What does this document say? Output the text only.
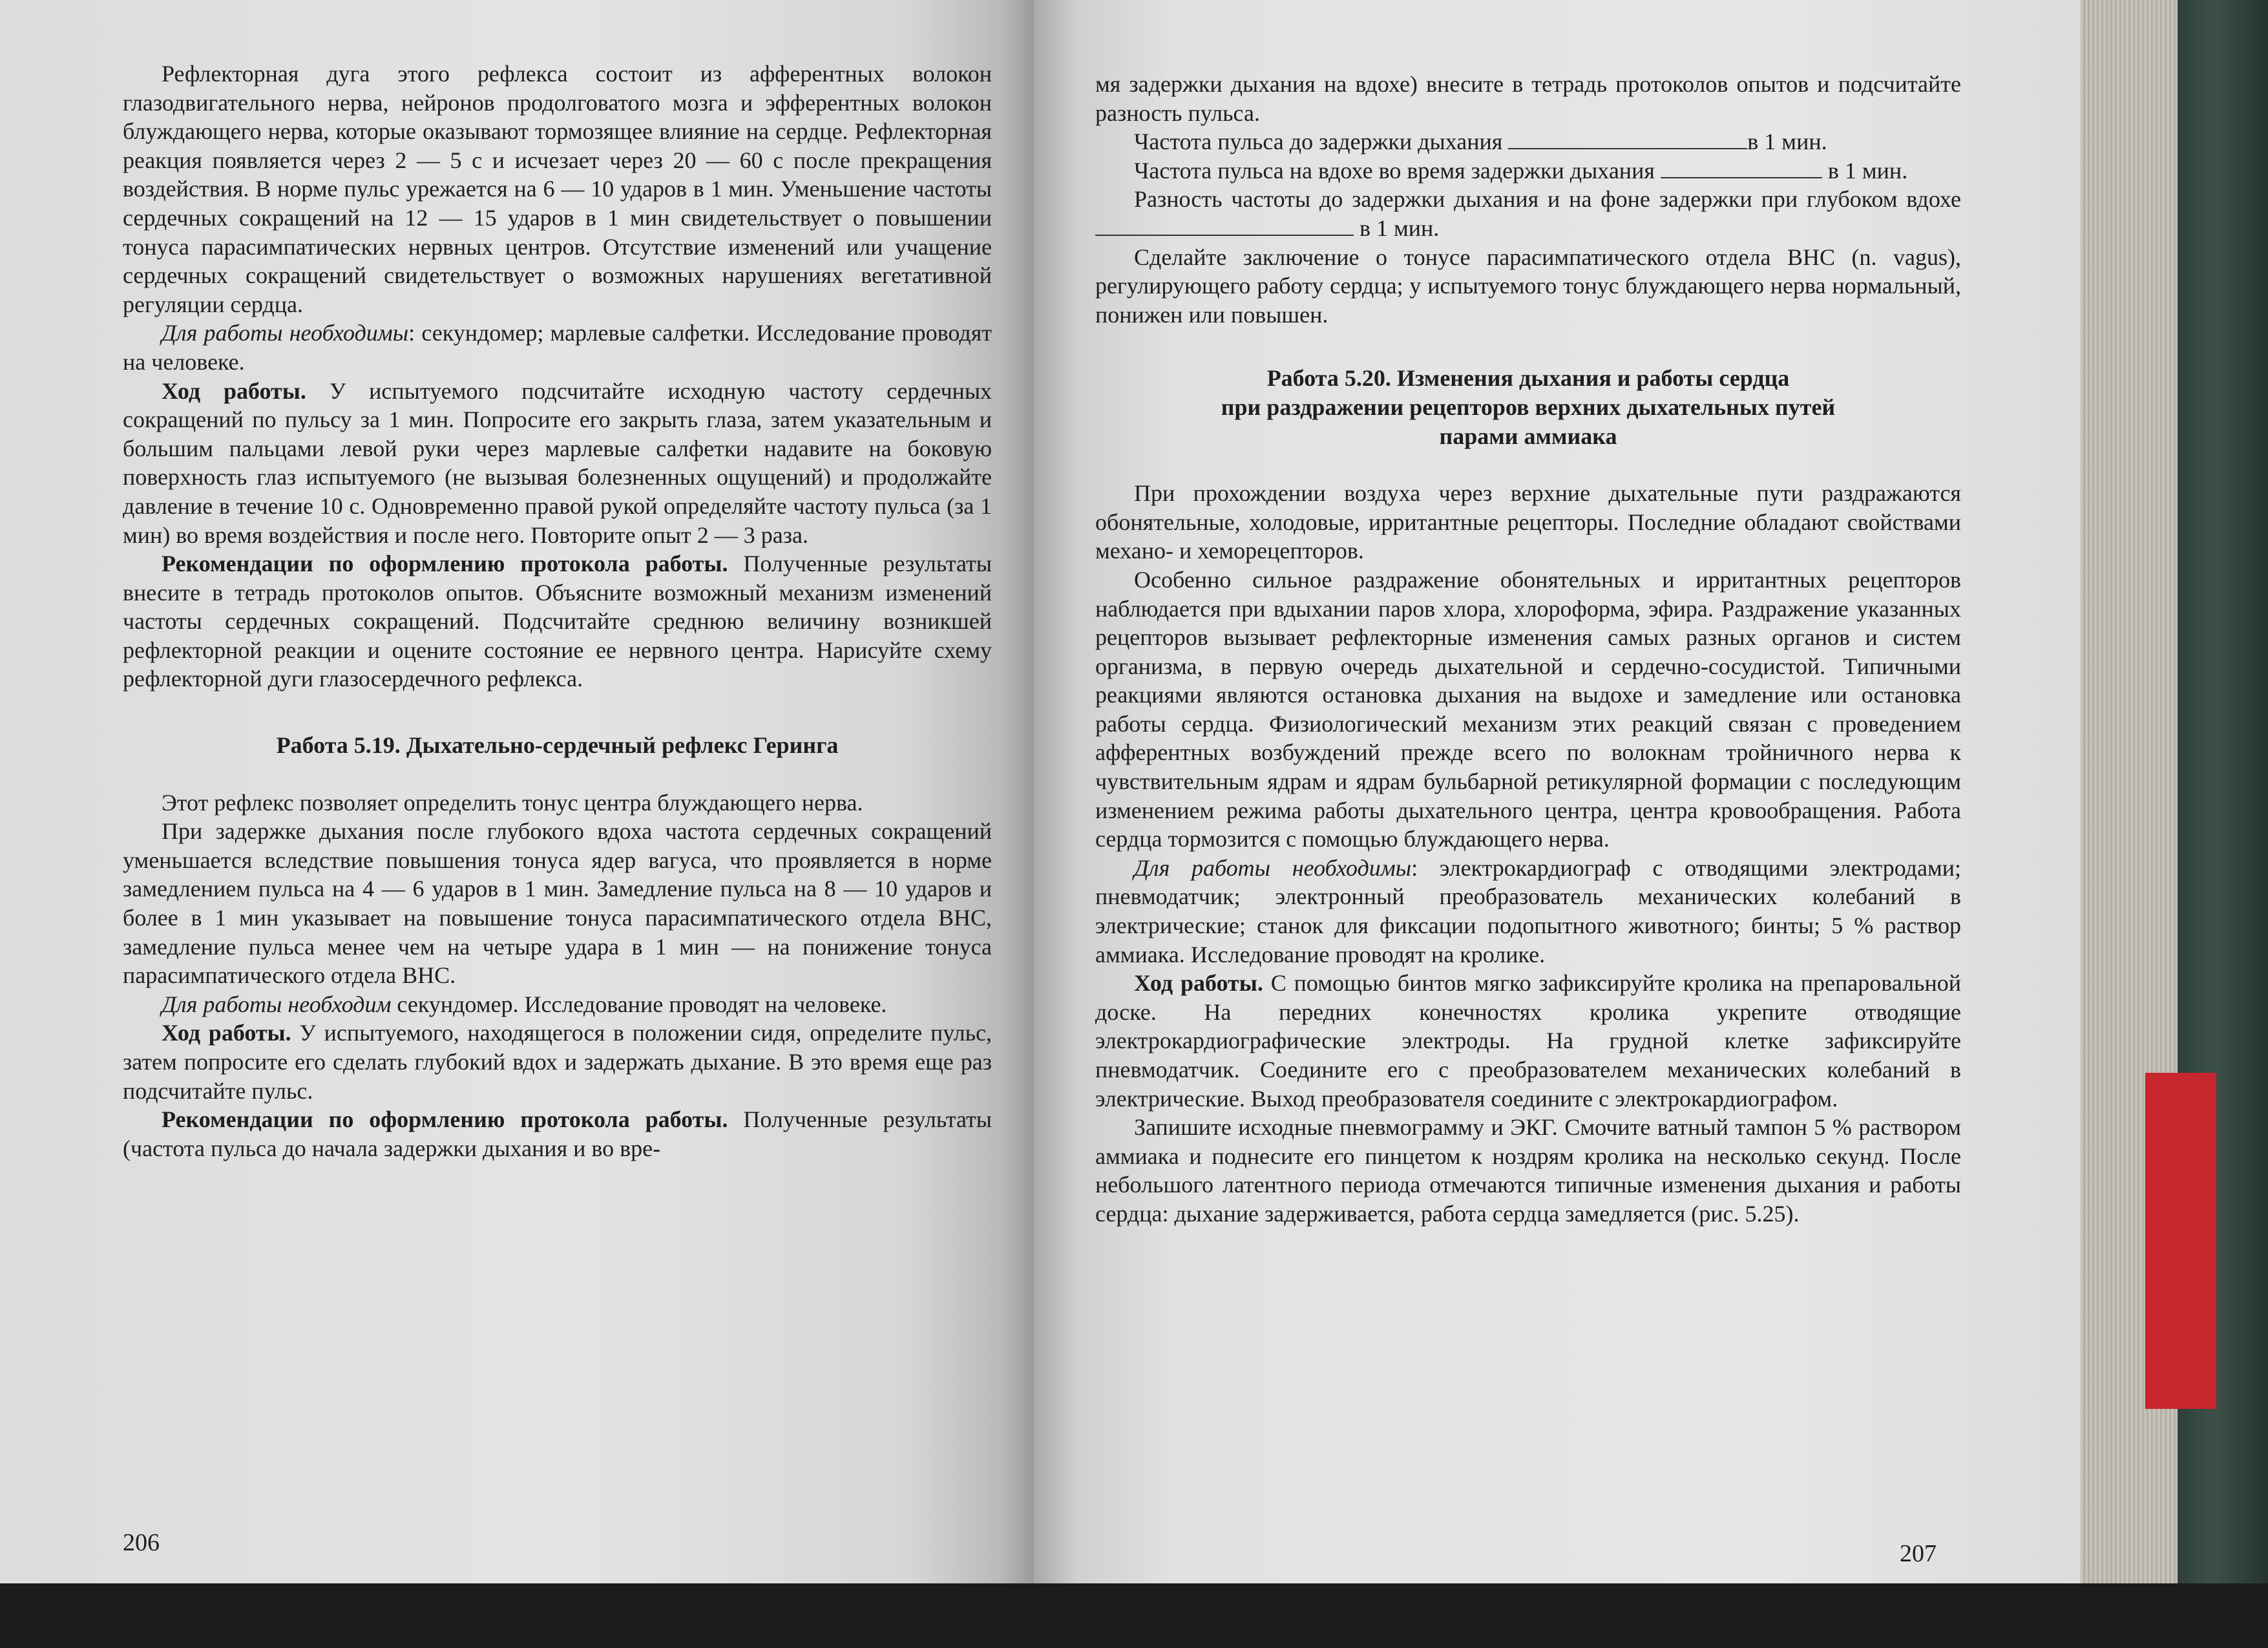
Рефлекторная дуга этого рефлекса состоит из афферентных волокон глазодвигательного нерва, нейронов продолговатого мозга и эфферентных волокон блуждающего нерва, которые оказывают тормозящее влияние на сердце. Рефлекторная реакция появляется через 2 — 5 с и исчезает через 20 — 60 с после прекращения воздействия. В норме пульс урежается на 6 — 10 ударов в 1 мин. Уменьшение частоты сердечных сокращений на 12 — 15 ударов в 1 мин свидетельствует о повышении тонуса парасимпатических нервных центров. Отсутствие изменений или учащение сердечных сокращений свидетельствует о возможных нарушениях вегетативной регуляции сердца.

Для работы необходимы: секундомер; марлевые салфетки. Исследование проводят на человеке.

Ход работы. У испытуемого подсчитайте исходную частоту сердечных сокращений по пульсу за 1 мин. Попросите его закрыть глаза, затем указательным и большим пальцами левой руки через марлевые салфетки надавите на боковую поверхность глаз испытуемого (не вызывая болезненных ощущений) и продолжайте давление в течение 10 с. Одновременно правой рукой определяйте частоту пульса (за 1 мин) во время воздействия и после него. Повторите опыт 2 — 3 раза.

Рекомендации по оформлению протокола работы. Полученные результаты внесите в тетрадь протоколов опытов. Объясните возможный механизм изменений частоты сердечных сокращений. Подсчитайте среднюю величину возникшей рефлекторной реакции и оцените состояние ее нервного центра. Нарисуйте схему рефлекторной дуги глазосердечного рефлекса.

Работа 5.19. Дыхательно-сердечный рефлекс Геринга

Этот рефлекс позволяет определить тонус центра блуждающего нерва.

При задержке дыхания после глубокого вдоха частота сердечных сокращений уменьшается вследствие повышения тонуса ядер вагуса, что проявляется в норме замедлением пульса на 4 — 6 ударов в 1 мин. Замедление пульса на 8 — 10 ударов и более в 1 мин указывает на повышение тонуса парасимпатического отдела ВНС, замедление пульса менее чем на четыре удара в 1 мин — на понижение тонуса парасимпатического отдела ВНС.

Для работы необходим секундомер. Исследование проводят на человеке.

Ход работы. У испытуемого, находящегося в положении сидя, определите пульс, затем попросите его сделать глубокий вдох и задержать дыхание. В это время еще раз подсчитайте пульс.

Рекомендации по оформлению протокола работы. Полученные результаты (частота пульса до начала задержки дыхания и во вре-

206

мя задержки дыхания на вдохе) внесите в тетрадь протоколов опытов и подсчитайте разность пульса.

Частота пульса до задержки дыхания	в 1 мин.

Частота пульса на вдохе во время задержки дыхания	в 1 мин.

Разность частоты до задержки дыхания и на фоне задержки при глубоком вдохе  в 1 мин.

Сделайте заключение о тонусе парасимпатического отдела ВНС (n. vagus), регулирующего работу сердца; у испытуемого тонус блуждающего нерва нормальный, понижен или повышен.

Работа 5.20. Изменения дыхания и работы сердца

при раздражении рецепторов верхних дыхательных путей

парами аммиака

При прохождении воздуха через верхние дыхательные пути раздражаются обонятельные, холодовые, ирритантные рецепторы. Последние обладают свойствами механо- и хеморецепторов.

Особенно сильное раздражение обонятельных и ирритантных рецепторов наблюдается при вдыхании паров хлора, хлороформа, эфира. Раздражение указанных рецепторов вызывает рефлекторные изменения самых разных органов и систем организма, в первую очередь дыхательной и сердечно-сосудистой. Типичными реакциями являются остановка дыхания на выдохе и замедление или остановка работы сердца. Физиологический механизм этих реакций связан с проведением афферентных возбуждений прежде всего по волокнам тройничного нерва к чувствительным ядрам и ядрам бульбарной ретикулярной формации с последующим изменением режима работы дыхательного центра, центра кровообращения. Работа сердца тормозится с помощью блуждающего нерва.

Для работы необходимы: электрокардиограф с отводящими электродами; пневмодатчик; электронный преобразователь механических колебаний в электрические; станок для фиксации подопытного животного; бинты; 5 % раствор аммиака. Исследование проводят на кролике.

Ход работы. С помощью бинтов мягко зафиксируйте кролика на препаровальной доске. На передних конечностях кролика укрепите отводящие электрокардиографические электроды. На грудной клетке зафиксируйте пневмодатчик. Соедините его с преобразователем механических колебаний в электрические. Выход преобразователя соедините с электрокардиографом.

Запишите исходные пневмограмму и ЭКГ. Смочите ватный тампон 5 % раствором аммиака и поднесите его пинцетом к ноздрям кролика на несколько секунд. После небольшого латентного периода отмечаются типичные изменения дыхания и работы сердца: дыхание задерживается, работа сердца замедляется (рис. 5.25).

207
